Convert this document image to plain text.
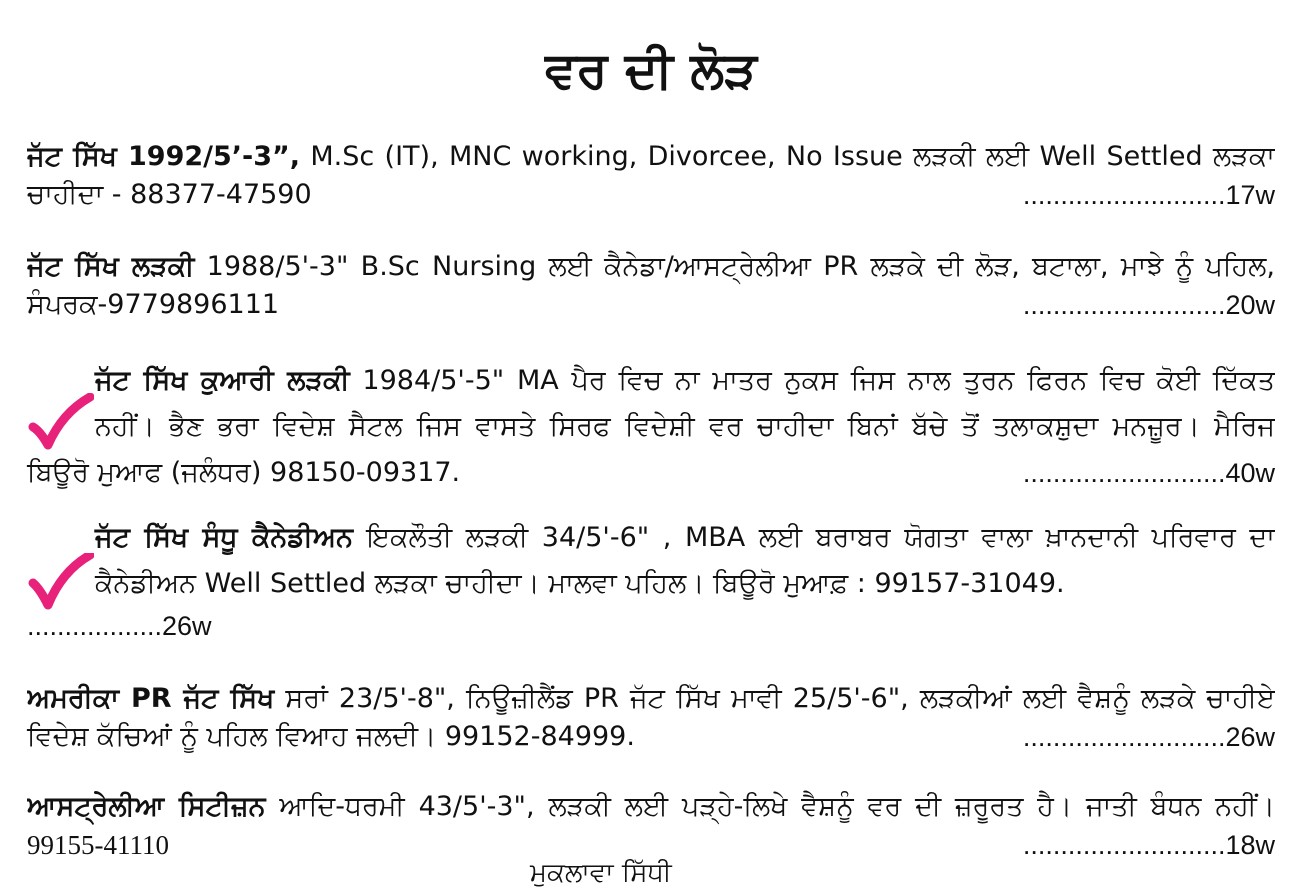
ਵਰ ਦੀ ਲੋੜ
ਜੱਟ ਸਿੱਖ 1992/5’-3”, M.Sc (IT), MNC working, Divorcee, No Issue ਲੜਕੀ ਲਈ Well Settled ਲੜਕਾ
ਚਾਹੀਦਾ - 88377-47590	...........................17w
ਜੱਟ ਸਿੱਖ ਲੜਕੀ 1988/5'-3" B.Sc Nursing ਲਈ ਕੈਨੇਡਾ/ਆਸਟ੍ਰੇਲੀਆ PR ਲੜਕੇ ਦੀ ਲੋੜ, ਬਟਾਲਾ, ਮਾਝੇ ਨੂੰ ਪਹਿਲ,
ਸੰਪਰਕ-9779896111	...........................20w
ਜੱਟ ਸਿੱਖ ਕੁਆਰੀ ਲੜਕੀ 1984/5'-5" MA ਪੈਰ ਵਿਚ ਨਾ ਮਾਤਰ ਨੁਕਸ ਜਿਸ ਨਾਲ ਤੁਰਨ ਫਿਰਨ ਵਿਚ ਕੋਈ ਦਿੱਕਤ
ਨਹੀਂ। ਭੈਣ ਭਰਾ ਵਿਦੇਸ਼ ਸੈਟਲ ਜਿਸ ਵਾਸਤੇ ਸਿਰਫ ਵਿਦੇਸ਼ੀ ਵਰ ਚਾਹੀਦਾ ਬਿਨਾਂ ਬੱਚੇ ਤੋਂ ਤਲਾਕਸ਼ੁਦਾ ਮਨਜ਼ੂਰ। ਮੈਰਿਜ
ਬਿਊਰੋ ਮੁਆਫ (ਜਲੰਧਰ) 98150-09317.	...........................40w
ਜੱਟ ਸਿੱਖ ਸੰਧੂ ਕੈਨੇਡੀਅਨ ਇਕਲੌਤੀ ਲੜਕੀ 34/5'-6" , MBA ਲਈ ਬਰਾਬਰ ਯੋਗਤਾ ਵਾਲਾ ਖ਼ਾਨਦਾਨੀ ਪਰਿਵਾਰ ਦਾ
ਕੈਨੇਡੀਅਨ Well Settled ਲੜਕਾ ਚਾਹੀਦਾ। ਮਾਲਵਾ ਪਹਿਲ। ਬਿਊਰੋ ਮੁਆਫ਼ : 99157-31049.
..................26w
ਅਮਰੀਕਾ PR ਜੱਟ ਸਿੱਖ ਸਰਾਂ 23/5'-8", ਨਿਊਜ਼ੀਲੈਂਡ PR ਜੱਟ ਸਿੱਖ ਮਾਵੀ 25/5'-6", ਲੜਕੀਆਂ ਲਈ ਵੈਸ਼ਨੂੰ ਲੜਕੇ ਚਾਹੀਏ
ਵਿਦੇਸ਼ ਕੱਚਿਆਂ ਨੂੰ ਪਹਿਲ ਵਿਆਹ ਜਲਦੀ। 99152-84999.	...........................26w
ਆਸਟ੍ਰੇਲੀਆ ਸਿਟੀਜ਼ਨ ਆਦਿ-ਧਰਮੀ 43/5'-3", ਲੜਕੀ ਲਈ ਪੜ੍ਹੇ-ਲਿਖੇ ਵੈਸ਼ਨੂੰ ਵਰ ਦੀ ਜ਼ਰੂਰਤ ਹੈ। ਜਾਤੀ ਬੰਧਨ ਨਹੀਂ।
99155-41110	...........................18w
ਮੁਕਲਾਵਾ ਸਿੱਧੀ
